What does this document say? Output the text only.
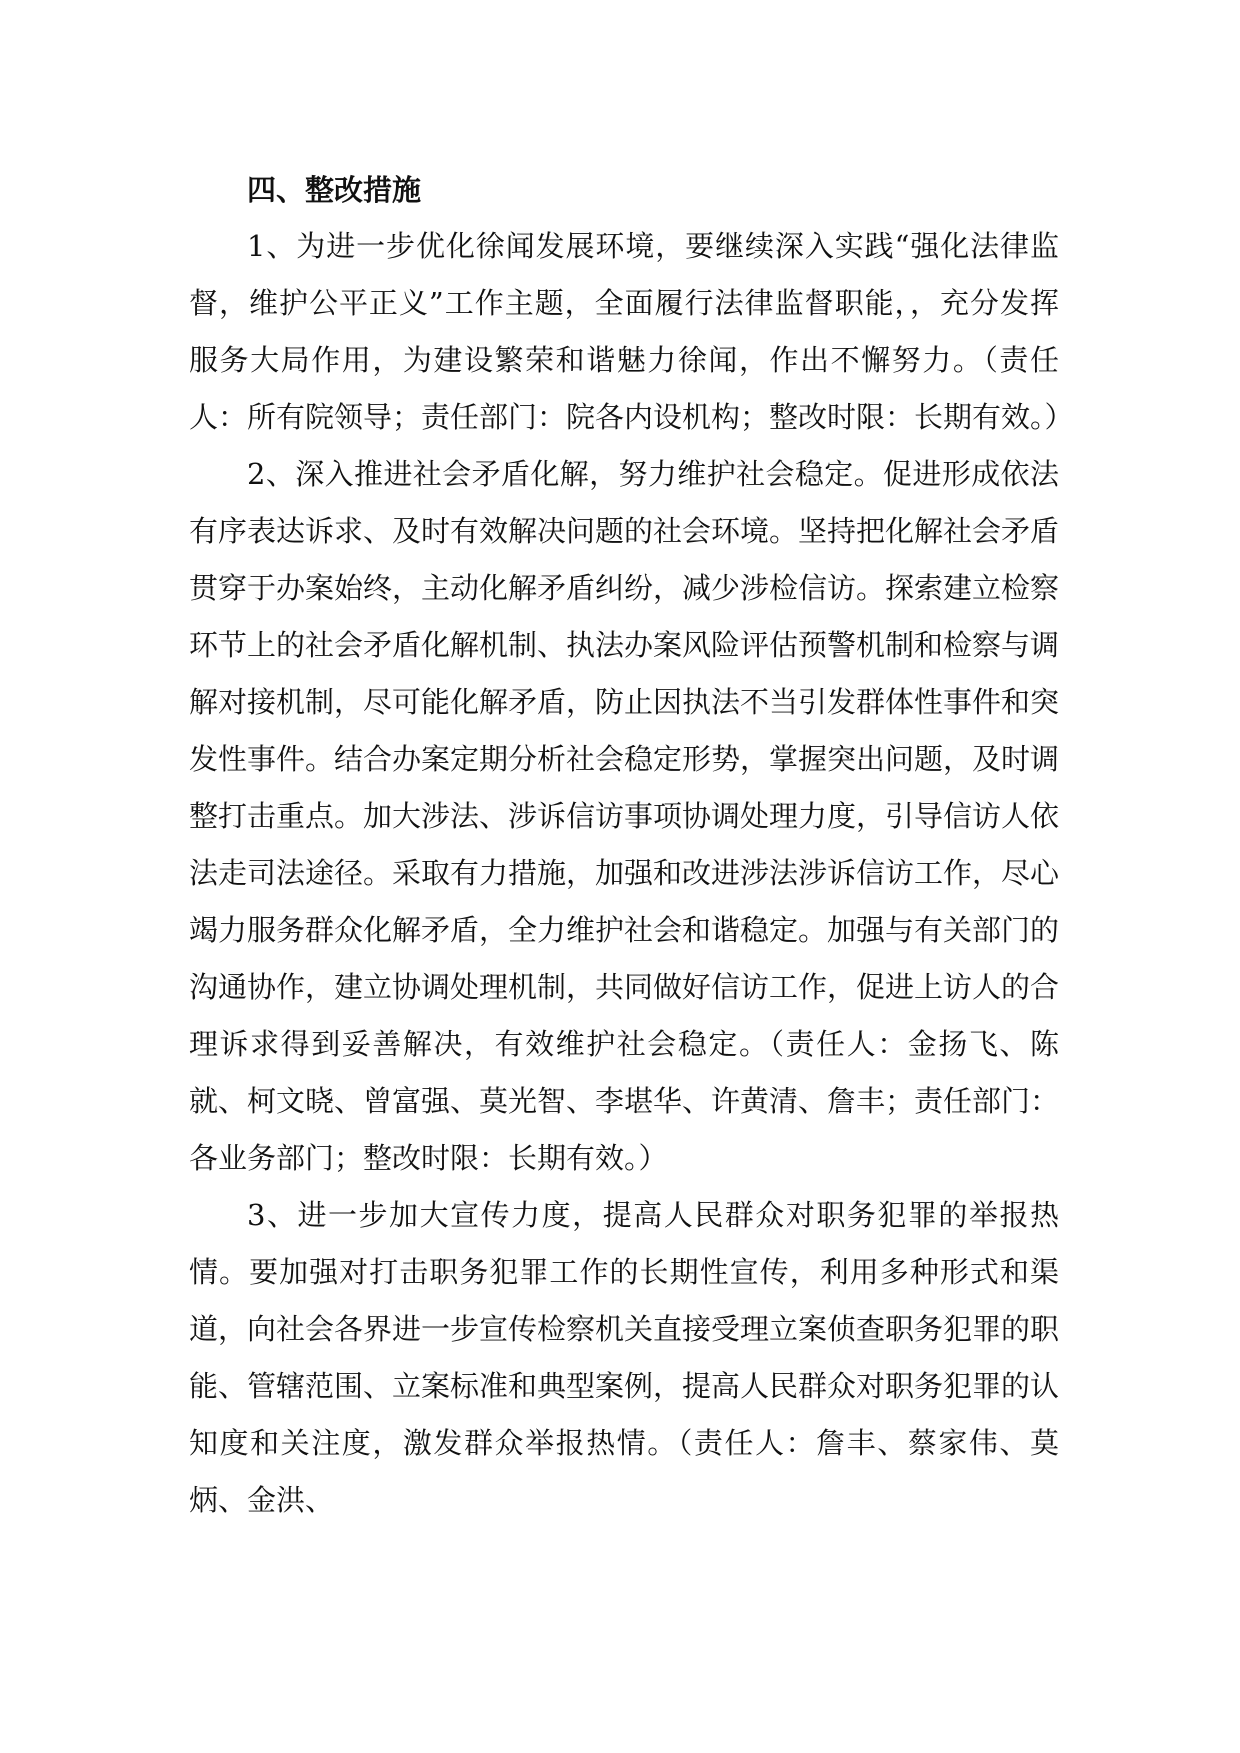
四、整改措施

1、为进一步优化徐闻发展环境，要继续深入实践“强化法律监督，维护公平正义”工作主题，全面履行法律监督职能，，充分发挥服务大局作用，为建设繁荣和谐魅力徐闻，作出不懈努力。（责任人：所有院领导；责任部门：院各内设机构；整改时限：长期有效。）

2、深入推进社会矛盾化解，努力维护社会稳定。促进形成依法有序表达诉求、及时有效解决问题的社会环境。坚持把化解社会矛盾贯穿于办案始终，主动化解矛盾纠纷，减少涉检信访。探索建立检察环节上的社会矛盾化解机制、执法办案风险评估预警机制和检察与调解对接机制，尽可能化解矛盾，防止因执法不当引发群体性事件和突发性事件。结合办案定期分析社会稳定形势，掌握突出问题，及时调整打击重点。加大涉法、涉诉信访事项协调处理力度，引导信访人依法走司法途径。采取有力措施，加强和改进涉法涉诉信访工作，尽心竭力服务群众化解矛盾，全力维护社会和谐稳定。加强与有关部门的沟通协作，建立协调处理机制，共同做好信访工作，促进上访人的合理诉求得到妥善解决，有效维护社会稳定。（责任人：金扬飞、陈就、柯文晓、曾富强、莫光智、李堪华、许黄清、詹丰；责任部门：各业务部门；整改时限：长期有效。）

3、进一步加大宣传力度，提高人民群众对职务犯罪的举报热情。要加强对打击职务犯罪工作的长期性宣传，利用多种形式和渠道，向社会各界进一步宣传检察机关直接受理立案侦查职务犯罪的职能、管辖范围、立案标准和典型案例，提高人民群众对职务犯罪的认知度和关注度，激发群众举报热情。（责任人：詹丰、蔡家伟、莫炳、金洪、
